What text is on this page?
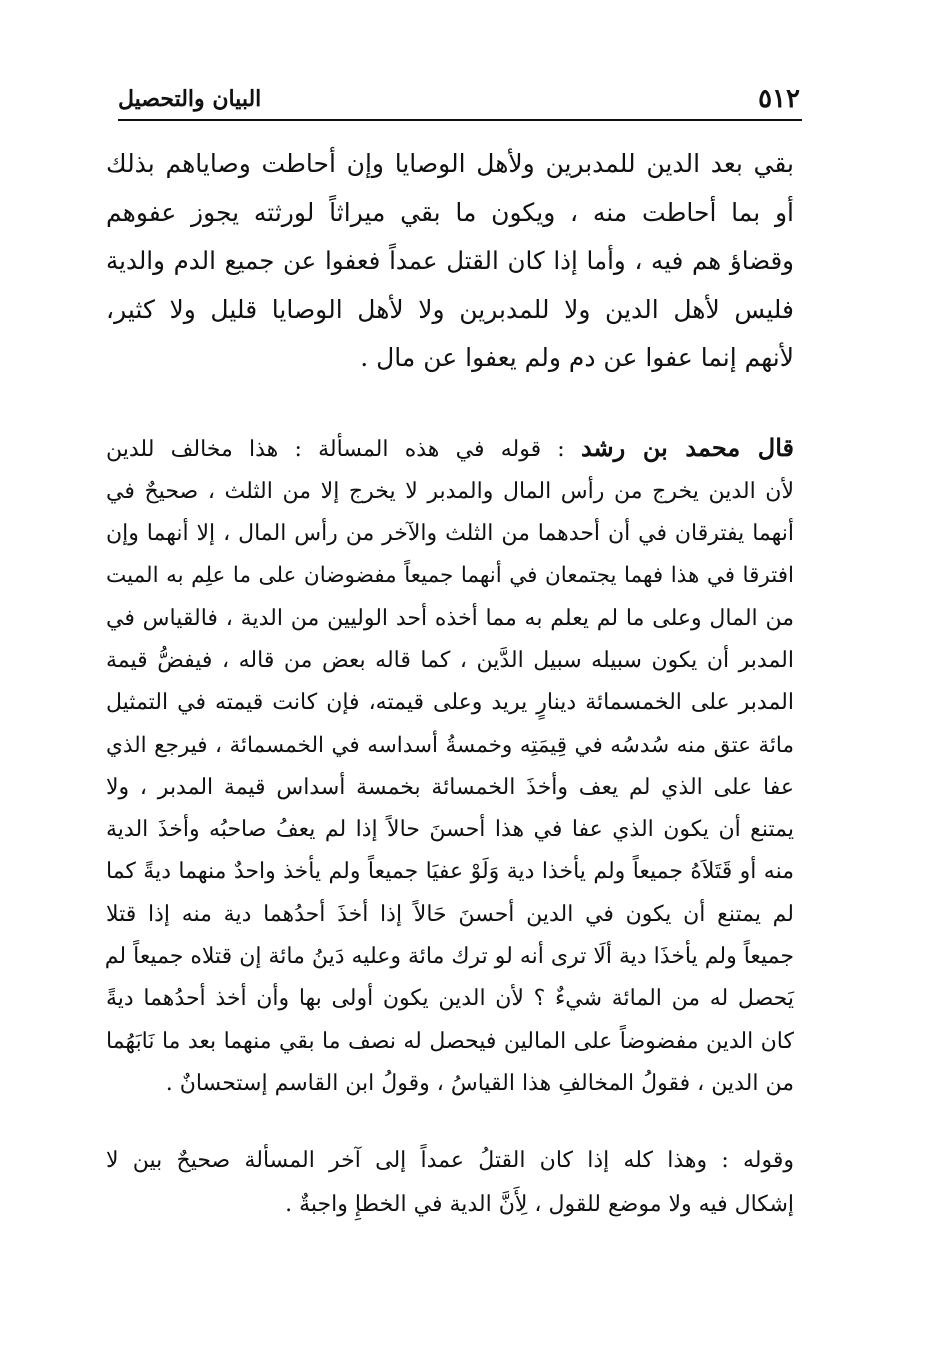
٥١٢
البيان والتحصيل

بقي بعد الدين للمدبرين ولأهل الوصايا وإن أحاطت وصاياهم بذلك
أو بما أحاطت منه ، ويكون ما بقي ميراثاً لورثته يجوز عفوهم
وقضاؤ هم فيه ، وأما إذا كان القتل عمداً فعفوا عن جميع الدم والدية
فليس لأهل الدين ولا للمدبرين ولا لأهل الوصايا قليل ولا كثير،
لأنهم إنما عفوا عن دم ولم يعفوا عن مال .

قال محمد بن رشد : قوله في هذه المسألة : هذا مخالف للدين
لأن الدين يخرج من رأس المال والمدبر لا يخرج إلا من الثلث ، صحيحٌ في
أنهما يفترقان في أن أحدهما من الثلث والآخر من رأس المال ، إلا أنهما وإن
افترقا في هذا فهما يجتمعان في أنهما جميعاً مفضوضان على ما علِم به الميت
من المال وعلى ما لم يعلم به مما أخذه أحد الوليين من الدية ، فالقياس في
المدبر أن يكون سبيله سبيل الدَّين ، كما قاله بعض من قاله ، فيفضُّ قيمة
المدبر على الخمسمائة دينارٍ يريد وعلى قيمته، فإن كانت قيمته في التمثيل
مائة عتق منه سُدسُه في قِيمَتِه وخمسةُ أسداسه في الخمسمائة ، فيرجع الذي
عفا على الذي لم يعف وأخذَ الخمسائة بخمسة أسداس قيمة المدبر ، ولا
يمتنع أن يكون الذي عفا في هذا أحسنَ حالاً إذا لم يعفُ صاحبُه وأخذَ الدية
منه أو قَتَلاَهُ جميعاً ولم يأخذا دية وَلَوْ عفيَا جميعاً ولم يأخذ واحدٌ منهما ديةً كما
لم يمتنع أن يكون في الدين أحسنَ حَالاً إذا أخذَ أحدُهما دية منه إذا قتلا
جميعاً ولم يأخذَا دية ألَا ترى أنه لو ترك مائة وعليه دَينُ مائة إن قتلاه جميعاً لم
يَحصل له من المائة شيءٌ ؟ لأن الدين يكون أولى بها وأن أخذ أحدُهما ديةً
كان الدين مفضوضاً على المالين فيحصل له نصف ما بقي منهما بعد ما نَابَهُما
من الدين ، فقولُ المخالفِ هذا القياسُ ، وقولُ ابن القاسم إستحسانٌ .

وقوله : وهذا كله إذا كان القتلُ عمداً إلى آخر المسألة صحيحٌ بين لا
إشكال فيه ولا موضع للقول ، لِأَنَّ الدية في الخطإِ واجبةٌ .
